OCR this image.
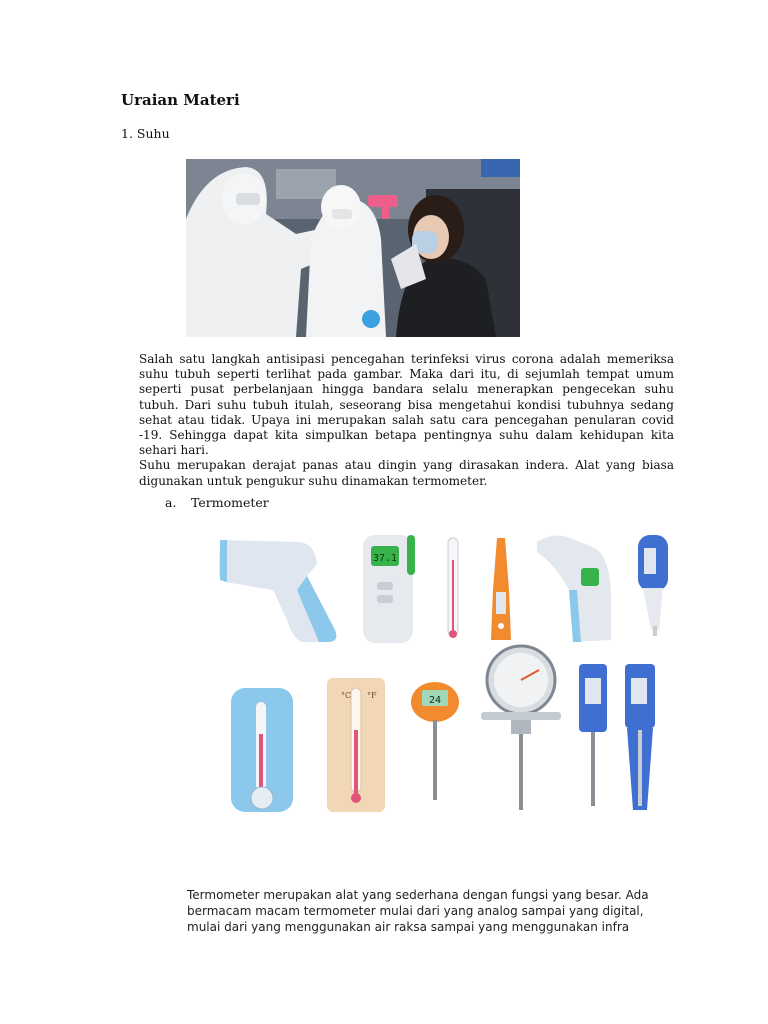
Uraian Materi
1. Suhu

Salah satu langkah antisipasi pencegahan terinfeksi virus corona adalah memeriksa suhu tubuh seperti terlihat pada gambar. Maka dari itu, di sejumlah tempat umum seperti pusat perbelanjaan hingga bandara selalu menerapkan pengecekan suhu tubuh. Dari suhu tubuh itulah, seseorang bisa mengetahui kondisi tubuhnya sedang sehat atau tidak. Upaya ini merupakan salah satu cara pencegahan penularan covid -19. Sehingga dapat kita simpulkan betapa pentingnya suhu dalam kehidupan kita sehari hari.

Suhu merupakan derajat panas atau dingin yang dirasakan indera. Alat yang biasa digunakan untuk pengukur suhu dinamakan termometer.

a. Termometer
37.1
°C °F	24

Termometer merupakan alat yang sederhana dengan fungsi yang besar. Ada

bermacam macam termometer mulai dari yang analog sampai yang digital,

mulai dari yang menggunakan air raksa sampai yang menggunakan infra
